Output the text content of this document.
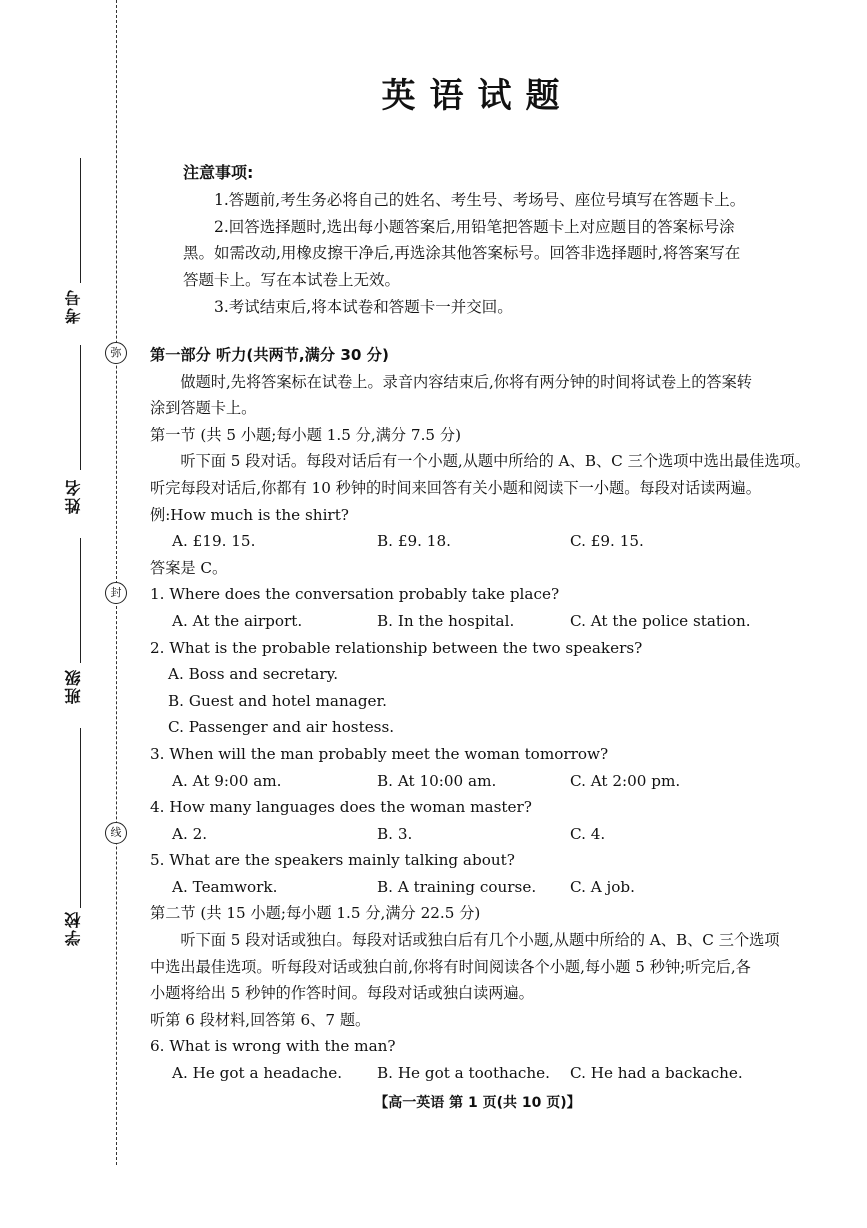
弥
封
线
考号
姓名
班级
学校
英语试题
注意事项:
1.答题前,考生务必将自己的姓名、考生号、考场号、座位号填写在答题卡上。
2.回答选择题时,选出每小题答案后,用铅笔把答题卡上对应题目的答案标号涂
黑。如需改动,用橡皮擦干净后,再选涂其他答案标号。回答非选择题时,将答案写在
答题卡上。写在本试卷上无效。
3.考试结束后,将本试卷和答题卡一并交回。
第一部分 听力(共两节,满分 30 分)
做题时,先将答案标在试卷上。录音内容结束后,你将有两分钟的时间将试卷上的答案转
涂到答题卡上。
第一节 (共 5 小题;每小题 1.5 分,满分 7.5 分)
听下面 5 段对话。每段对话后有一个小题,从题中所给的 A、B、C 三个选项中选出最佳选项。
听完每段对话后,你都有 10 秒钟的时间来回答有关小题和阅读下一小题。每段对话读两遍。
例:How much is the shirt?
A. £19. 15.	B. £9. 18.	C. £9. 15.
答案是 C。
1. Where does the conversation probably take place?
A. At the airport.	B. In the hospital.	C. At the police station.
2. What is the probable relationship between the two speakers?
A. Boss and secretary.
B. Guest and hotel manager.
C. Passenger and air hostess.
3. When will the man probably meet the woman tomorrow?
A. At 9:00 am.	B. At 10:00 am.	C. At 2:00 pm.
4. How many languages does the woman master?
A. 2.	B. 3.	C. 4.
5. What are the speakers mainly talking about?
A. Teamwork.	B. A training course.	C. A job.
第二节 (共 15 小题;每小题 1.5 分,满分 22.5 分)
听下面 5 段对话或独白。每段对话或独白后有几个小题,从题中所给的 A、B、C 三个选项
中选出最佳选项。听每段对话或独白前,你将有时间阅读各个小题,每小题 5 秒钟;听完后,各
小题将给出 5 秒钟的作答时间。每段对话或独白读两遍。
听第 6 段材料,回答第 6、7 题。
6. What is wrong with the man?
A. He got a headache.	B. He got a toothache.	C. He had a backache.
【高一英语 第 1 页(共 10 页)】
